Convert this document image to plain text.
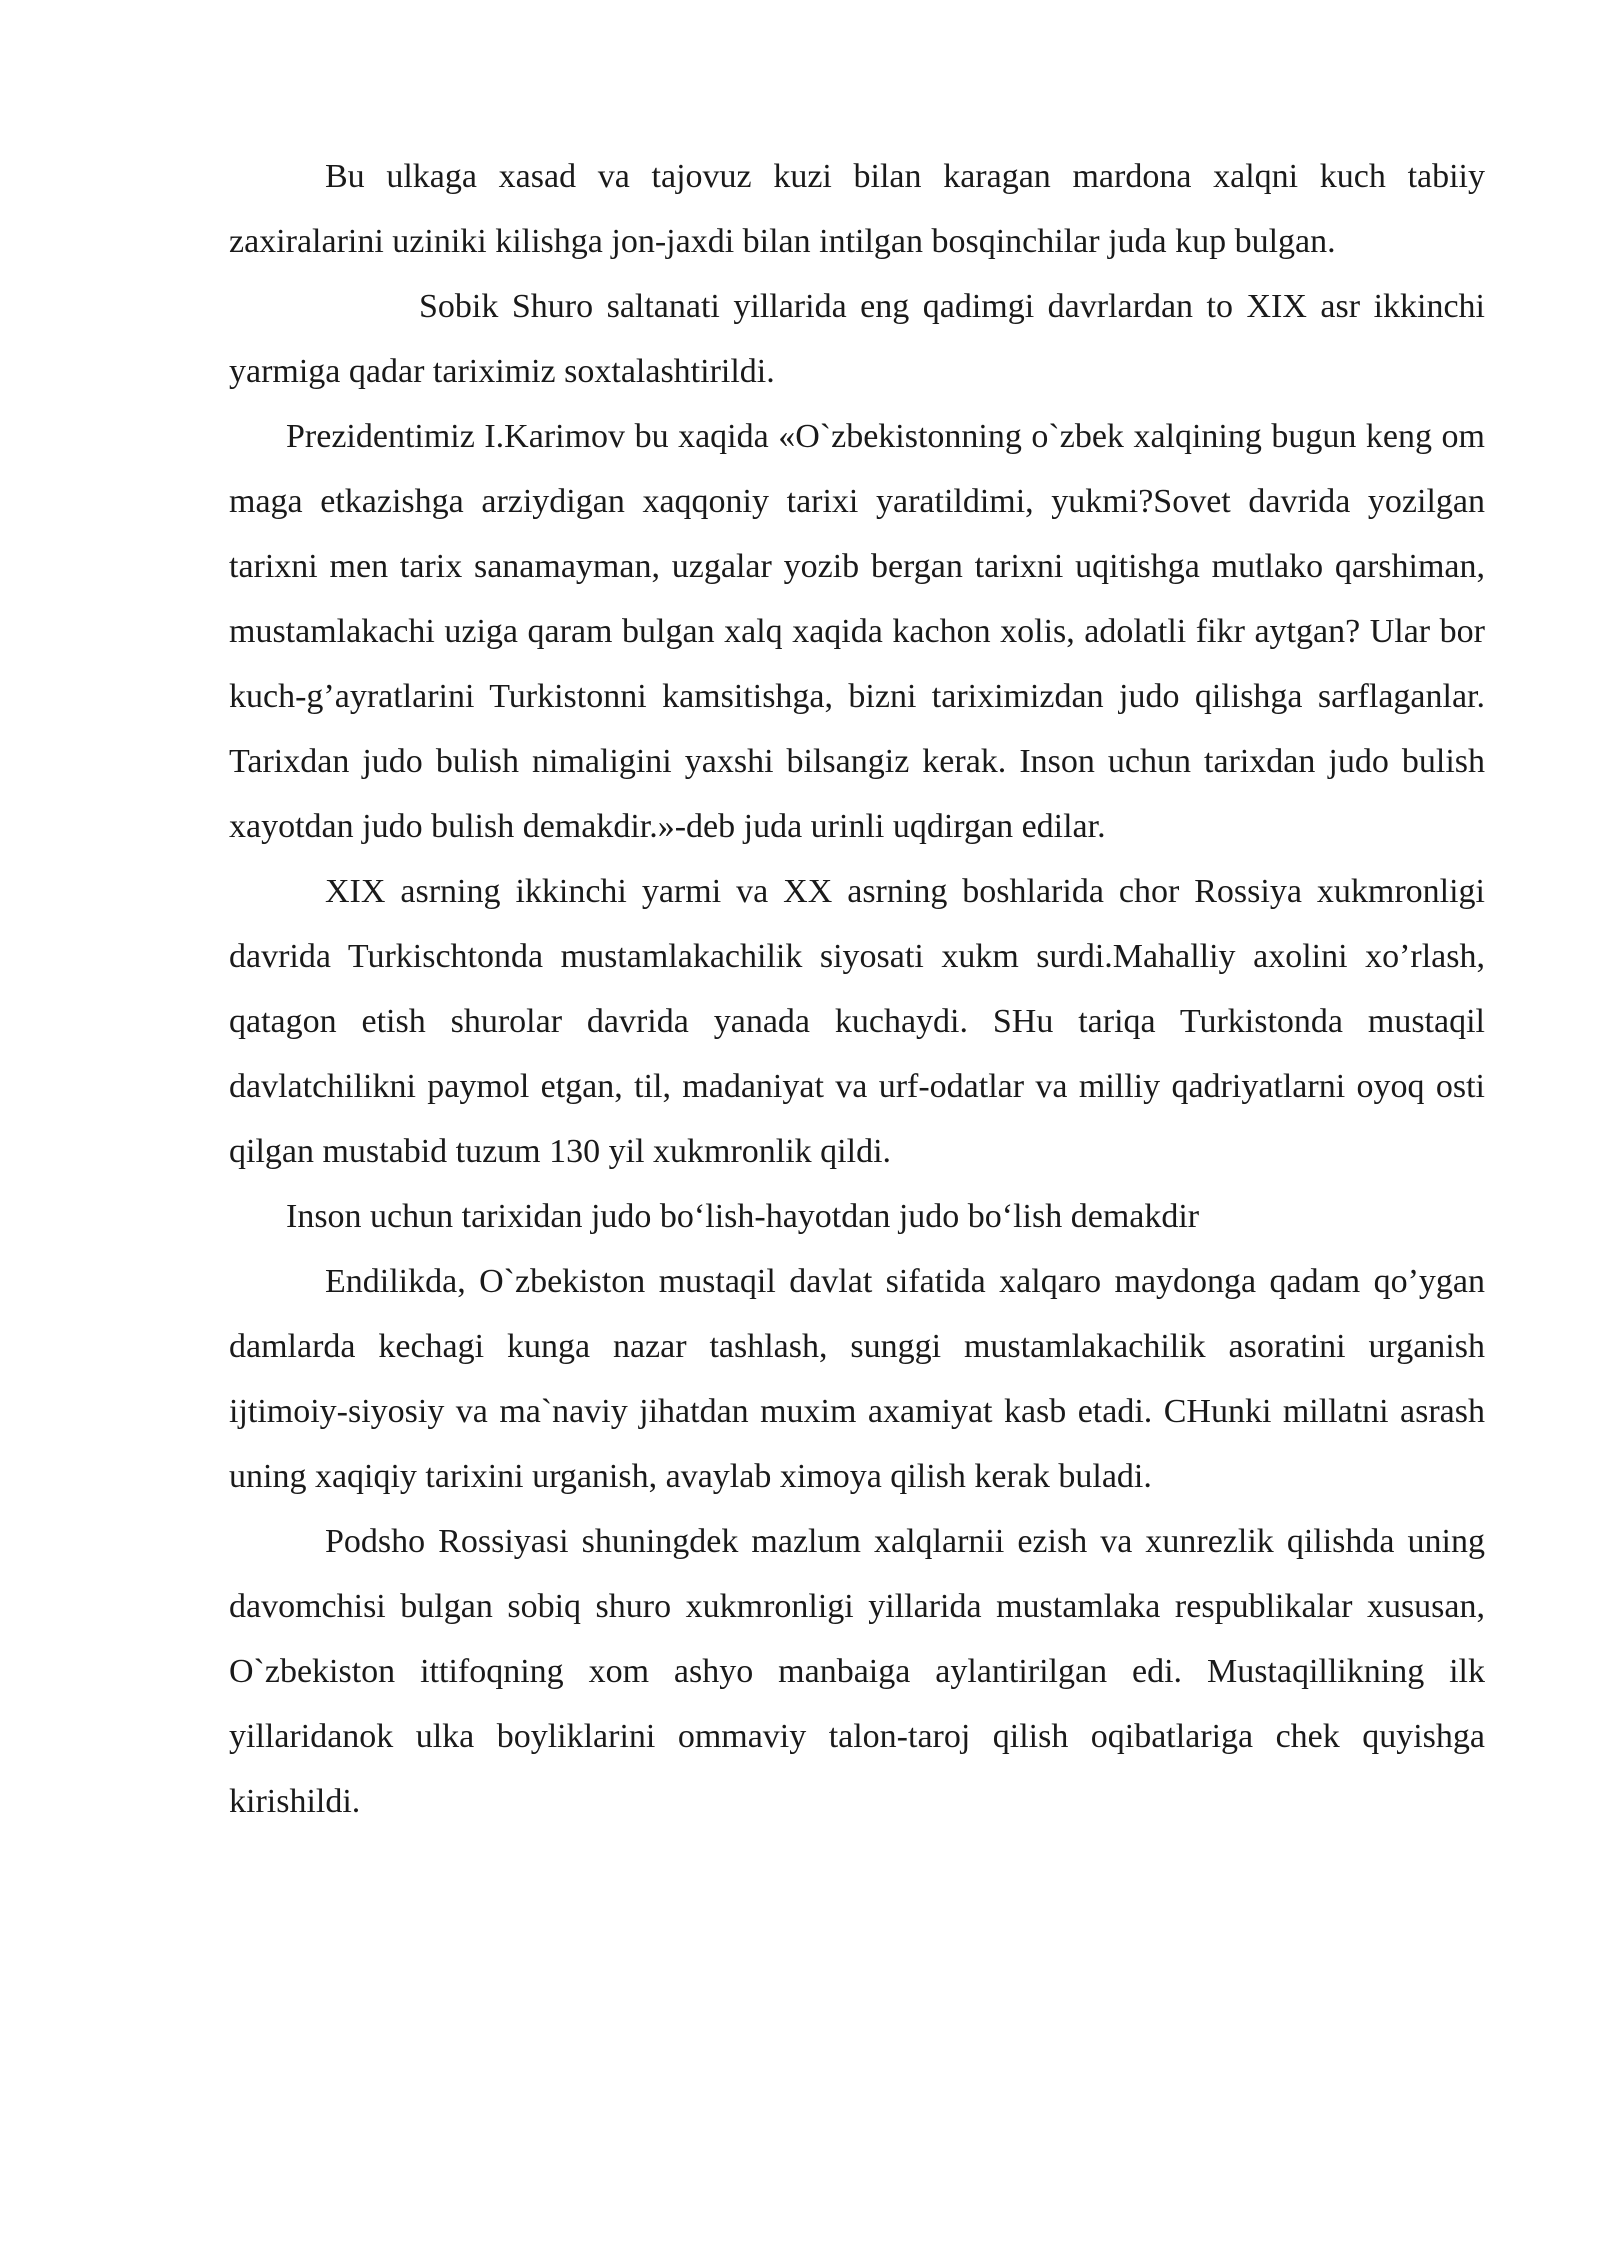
Bu ulkaga xasad va tajovuz kuzi bilan karagan mardona xalqni kuch tabiiy zaxiralarini uziniki kilishga jon-jaxdi bilan intilgan bosqinchilar juda kup bulgan.

Sobik Shuro saltanati yillarida eng qadimgi davrlardan to XIX asr ikkinchi yarmiga qadar tariximiz soxtalashtirildi.

Prezidentimiz I.Karimov bu xaqida «O`zbekistonning o`zbek xalqining bugun keng om maga etkazishga arziydigan xaqqoniy tarixi yaratildimi, yukmi?Sovet davrida yozilgan tarixni men tarix sanamayman, uzgalar yozib bergan tarixni uqitishga mutlako qarshiman, mustamlakachi uziga qaram bulgan xalq xaqida kachon xolis, adolatli fikr aytgan? Ular bor kuch-g’ayratlarini Turkistonni kamsitishga, bizni tariximizdan judo qilishga sarflaganlar. Tarixdan judo bulish nimaligini yaxshi bilsangiz kerak. Inson uchun tarixdan judo bulish xayotdan judo bulish demakdir.»-deb juda urinli uqdirgan edilar.

XIX asrning ikkinchi yarmi va XX asrning boshlarida chor Rossiya xukmronligi davrida Turkischtonda mustamlakachilik siyosati xukm surdi.Mahalliy axolini xo’rlash, qatagon etish shurolar davrida yanada kuchaydi. SHu tariqa Turkistonda mustaqil davlatchilikni paymol etgan, til, madaniyat va urf-odatlar va milliy qadriyatlarni oyoq osti qilgan mustabid tuzum 130 yil xukmronlik qildi.

Inson uchun tarixidan judo bo‘lish-hayotdan judo bo‘lish demakdir

Endilikda, O`zbekiston mustaqil davlat sifatida xalqaro maydonga qadam qo’ygan damlarda kechagi kunga nazar tashlash, sunggi mustamlakachilik asoratini urganish ijtimoiy-siyosiy va ma`naviy jihatdan muxim axamiyat kasb etadi. CHunki millatni asrash uning xaqiqiy tarixini urganish, avaylab ximoya qilish kerak buladi.

Podsho Rossiyasi shuningdek mazlum xalqlarnii ezish va xunrezlik qilishda uning davomchisi bulgan sobiq shuro xukmronligi yillarida mustamlaka respublikalar xususan, O`zbekiston ittifoqning xom ashyo manbaiga aylantirilgan edi. Mustaqillikning ilk yillaridanok ulka boyliklarini ommaviy talon-taroj qilish oqibatlariga chek quyishga kirishildi.
